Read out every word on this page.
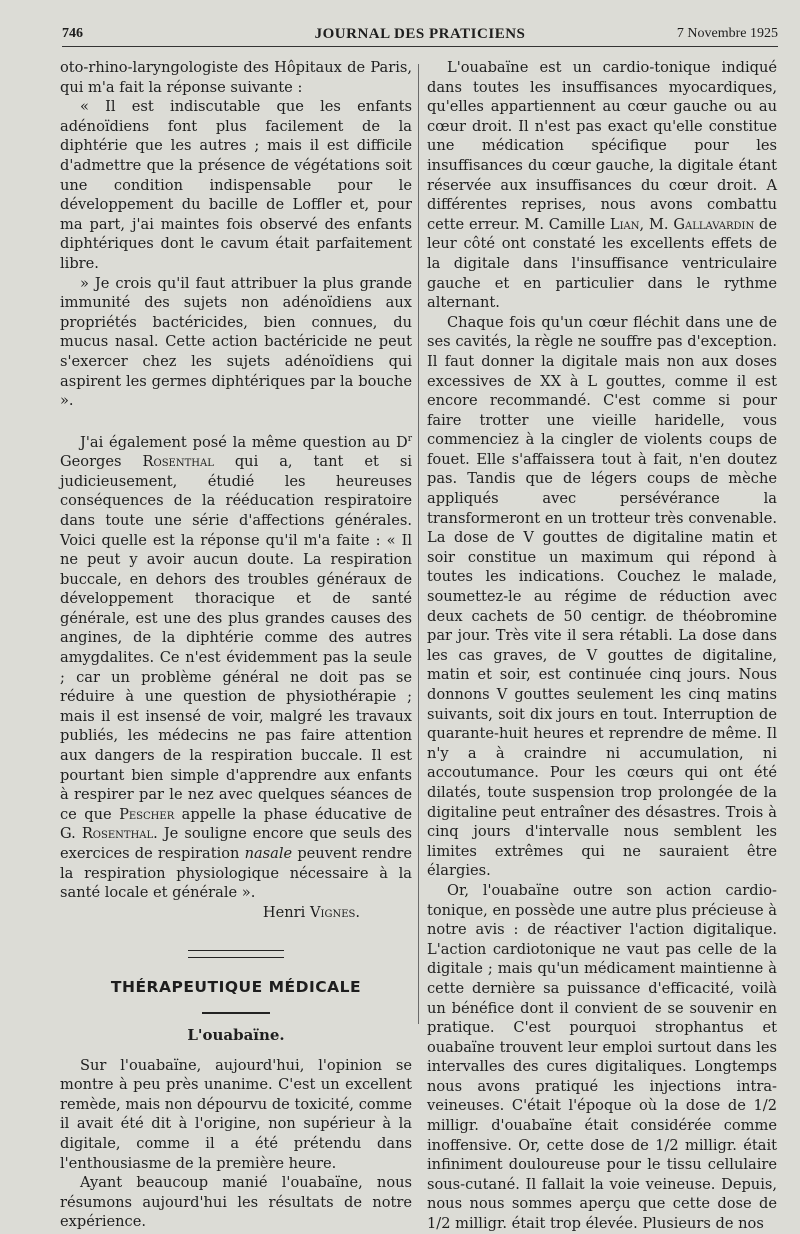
746	JOURNAL DES PRATICIENS	7 Novembre 1925

oto-rhino-laryngologiste des Hôpitaux de Paris, qui m'a fait la réponse suivante :

« Il est indiscutable que les enfants adénoïdiens font plus facilement de la diphtérie que les autres ; mais il est difficile d'admettre que la présence de végétations soit une condition indispensable pour le développement du bacille de Loffler et, pour ma part, j'ai maintes fois observé des enfants diphtériques dont le cavum était parfaitement libre.

» Je crois qu'il faut attribuer la plus grande immunité des sujets non adénoïdiens aux propriétés bactéricides, bien connues, du mucus nasal. Cette action bactéricide ne peut s'exercer chez les sujets adénoïdiens qui aspirent les germes diphtériques par la bouche ».

J'ai également posé la même question au $D^r$ Georges Rosenthal qui a, tant et si judicieusement, étudié les heureuses conséquences de la rééducation respiratoire dans toute une série d'affections générales. Voici quelle est la réponse qu'il m'a faite : « Il ne peut y avoir aucun doute. La respiration buccale, en dehors des troubles généraux de développement thoracique et de santé générale, est une des plus grandes causes des angines, de la diphtérie comme des autres amygdalites. Ce n'est évidemment pas la seule ; car un problème général ne doit pas se réduire à une question de physiothérapie ; mais il est insensé de voir, malgré les travaux publiés, les médecins ne pas faire attention aux dangers de la respiration buccale. Il est pourtant bien simple d'apprendre aux enfants à respirer par le nez avec quelques séances de ce que Pescher appelle la phase éducative de G. Rosenthal. Je souligne encore que seuls des exercices de respiration nasale peuvent rendre la respiration physiologique nécessaire à la santé locale et générale ».

Henri Vignes.

THÉRAPEUTIQUE MÉDICALE
L'ouabaïne.

Sur l'ouabaïne, aujourd'hui, l'opinion se montre à peu près unanime. C'est un excellent remède, mais non dépourvu de toxicité, comme il avait été dit à l'origine, non supérieur à la digitale, comme il a été prétendu dans l'enthousiasme de la première heure.

Ayant beaucoup manié l'ouabaïne, nous résumons aujourd'hui les résultats de notre expérience.

L'ouabaïne est un cardio-tonique indiqué dans toutes les insuffisances myocardiques, qu'elles appartiennent au cœur gauche ou au cœur droit. Il n'est pas exact qu'elle constitue une médication spécifique pour les insuffisances du cœur gauche, la digitale étant réservée aux insuffisances du cœur droit. A différentes reprises, nous avons combattu cette erreur. M. Camille Lian, M. Gallavardin de leur côté ont constaté les excellents effets de la digitale dans l'insuffisance ventriculaire gauche et en particulier dans le rythme alternant.

Chaque fois qu'un cœur fléchit dans une de ses cavités, la règle ne souffre pas d'exception. Il faut donner la digitale mais non aux doses excessives de XX à L gouttes, comme il est encore recommandé. C'est comme si pour faire trotter une vieille haridelle, vous commenciez à la cingler de violents coups de fouet. Elle s'affaissera tout à fait, n'en doutez pas. Tandis que de légers coups de mèche appliqués avec persévérance la transformeront en un trotteur très convenable. La dose de V gouttes de digitaline matin et soir constitue un maximum qui répond à toutes les indications. Couchez le malade, soumettez-le au régime de réduction avec deux cachets de 50 centigr. de théobromine par jour. Très vite il sera rétabli. La dose dans les cas graves, de V gouttes de digitaline, matin et soir, est continuée cinq jours. Nous donnons V gouttes seulement les cinq matins suivants, soit dix jours en tout. Interruption de quarante-huit heures et reprendre de même. Il n'y a à craindre ni accumulation, ni accoutumance. Pour les cœurs qui ont été dilatés, toute suspension trop prolongée de la digitaline peut entraîner des désastres. Trois à cinq jours d'intervalle nous semblent les limites extrêmes qui ne sauraient être élargies.

Or, l'ouabaïne outre son action cardio-tonique, en possède une autre plus précieuse à notre avis : de réactiver l'action digitalique. L'action cardiotonique ne vaut pas celle de la digitale ; mais qu'un médicament maintienne à cette dernière sa puissance d'efficacité, voilà un bénéfice dont il convient de se souvenir en pratique. C'est pourquoi strophantus et ouabaïne trouvent leur emploi surtout dans les intervalles des cures digitaliques. Longtemps nous avons pratiqué les injections intra-veineuses. C'était l'époque où la dose de 1/2 milligr. d'ouabaïne était considérée comme inoffensive. Or, cette dose de 1/2 milligr. était infiniment douloureuse pour le tissu cellulaire sous-cutané. Il fallait la voie veineuse. Depuis, nous nous sommes aperçu que cette dose de 1/2 milligr. était trop élevée. Plusieurs de nos
